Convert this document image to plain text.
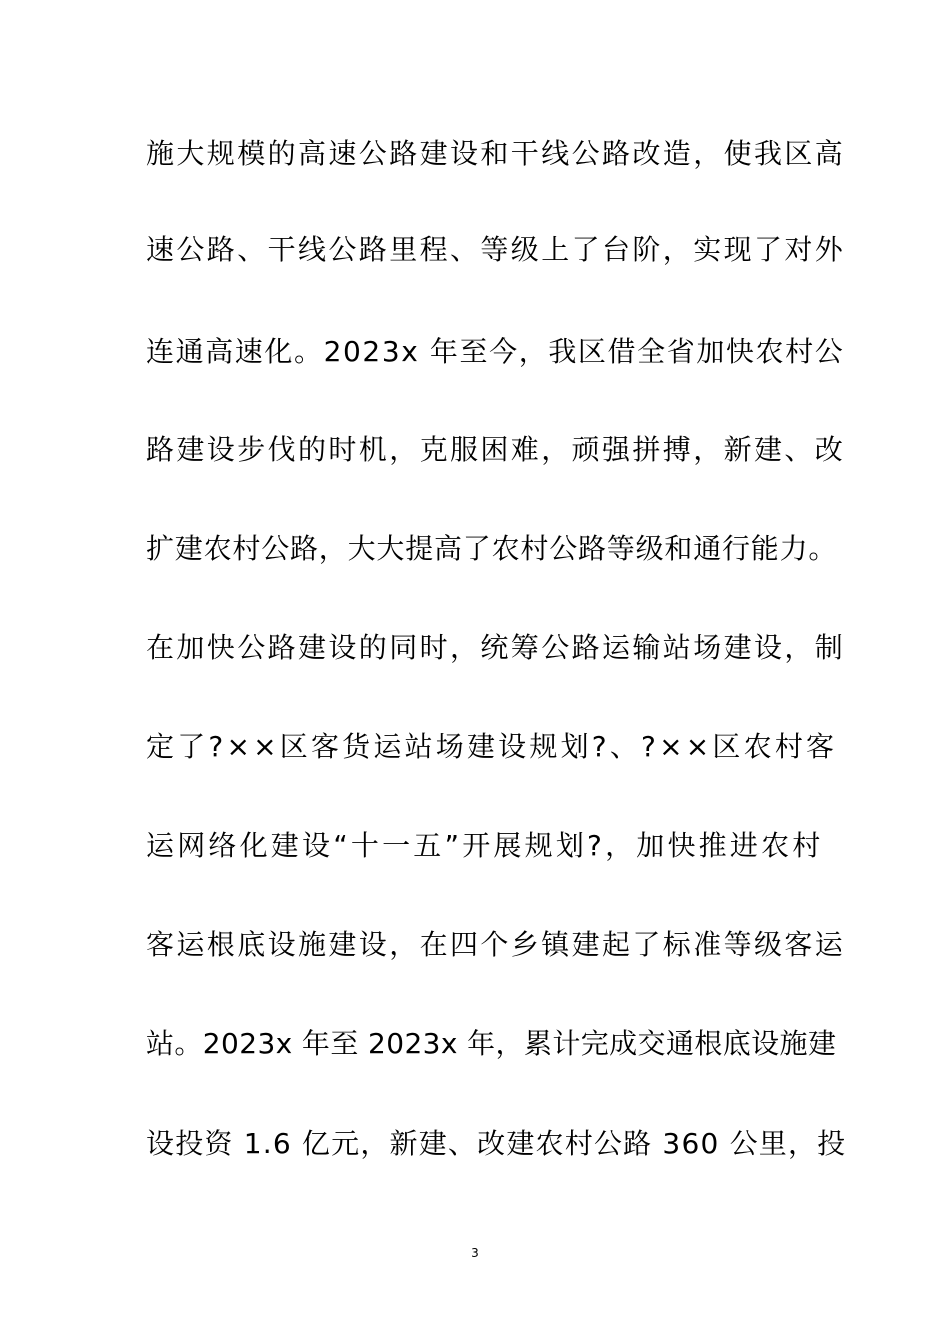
施大规模的高速公路建设和干线公路改造，使我区高
速公路、干线公路里程、等级上了台阶，实现了对外
连通高速化。2023x 年至今，我区借全省加快农村公
路建设步伐的时机，克服困难，顽强拼搏，新建、改
扩建农村公路，大大提高了农村公路等级和通行能力。
在加快公路建设的同时，统筹公路运输站场建设，制
定了?××区客货运站场建设规划?、?××区农村客
运网络化建设“十一五”开展规划?，加快推进农村
客运根底设施建设，在四个乡镇建起了标准等级客运
站。2023x 年至 2023x 年，累计完成交通根底设施建
设投资 1.6 亿元，新建、改建农村公路 360 公里，投
3
